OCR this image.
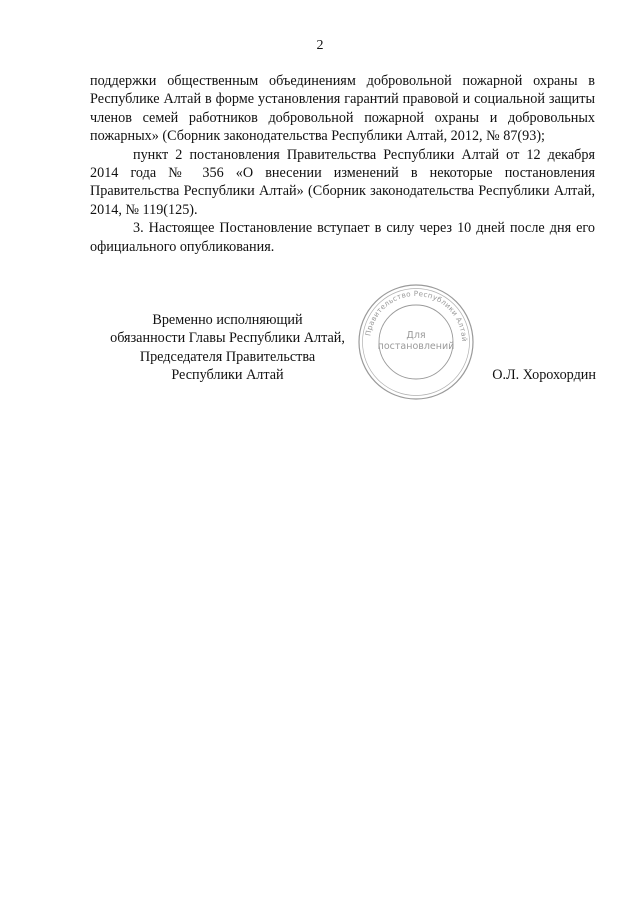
2

поддержки общественным объединениям добровольной пожарной охраны в Республике Алтай в форме установления гарантий правовой и социальной защиты членов семей работников добровольной пожарной охраны и добровольных пожарных» (Сборник законодательства Республики Алтай, 2012, № 87(93);

пункт 2 постановления Правительства Республики Алтай от 12 декабря 2014 года № 356 «О внесении изменений в некоторые постановления Правительства Республики Алтай» (Сборник законодательства Республики Алтай, 2014, № 119(125).

3. Настоящее Постановление вступает в силу через 10 дней после дня его официального опубликования.

Временно исполняющий
обязанности Главы Республики Алтай,
Председателя Правительства
Республики Алтай
Правительство Республики Алтай
Для
постановлений
О.Л. Хорохордин
